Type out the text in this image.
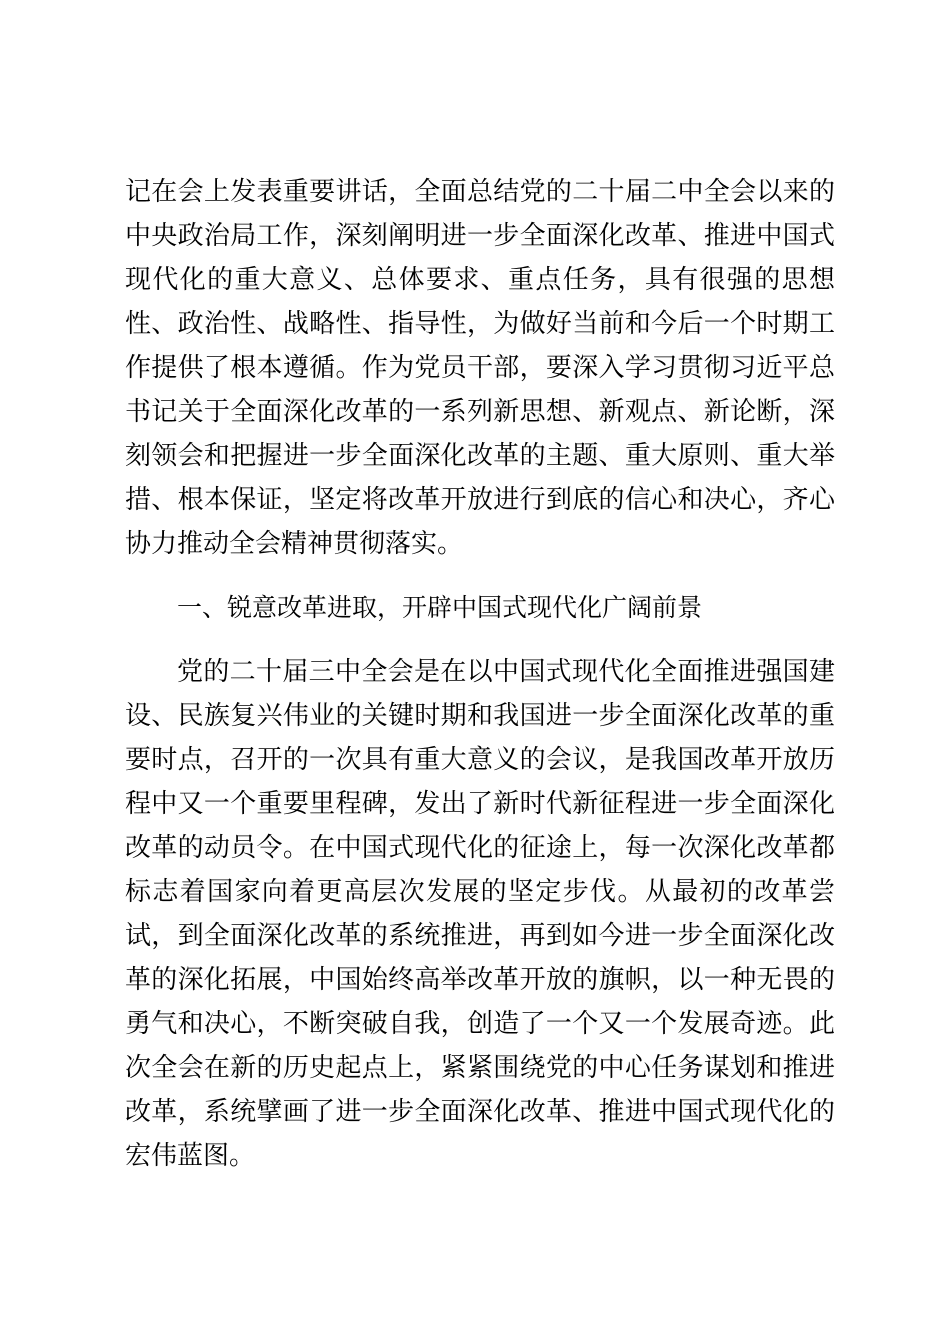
记在会上发表重要讲话，全面总结党的二十届二中全会以来的
中央政治局工作，深刻阐明进一步全面深化改革、推进中国式
现代化的重大意义、总体要求、重点任务，具有很强的思想
性、政治性、战略性、指导性，为做好当前和今后一个时期工
作提供了根本遵循。作为党员干部，要深入学习贯彻习近平总
书记关于全面深化改革的一系列新思想、新观点、新论断，深
刻领会和把握进一步全面深化改革的主题、重大原则、重大举
措、根本保证，坚定将改革开放进行到底的信心和决心，齐心
协力推动全会精神贯彻落实。
一、锐意改革进取，开辟中国式现代化广阔前景
党的二十届三中全会是在以中国式现代化全面推进强国建
设、民族复兴伟业的关键时期和我国进一步全面深化改革的重
要时点，召开的一次具有重大意义的会议，是我国改革开放历
程中又一个重要里程碑，发出了新时代新征程进一步全面深化
改革的动员令。在中国式现代化的征途上，每一次深化改革都
标志着国家向着更高层次发展的坚定步伐。从最初的改革尝
试，到全面深化改革的系统推进，再到如今进一步全面深化改
革的深化拓展，中国始终高举改革开放的旗帜，以一种无畏的
勇气和决心，不断突破自我，创造了一个又一个发展奇迹。此
次全会在新的历史起点上，紧紧围绕党的中心任务谋划和推进
改革，系统擘画了进一步全面深化改革、推进中国式现代化的
宏伟蓝图。
